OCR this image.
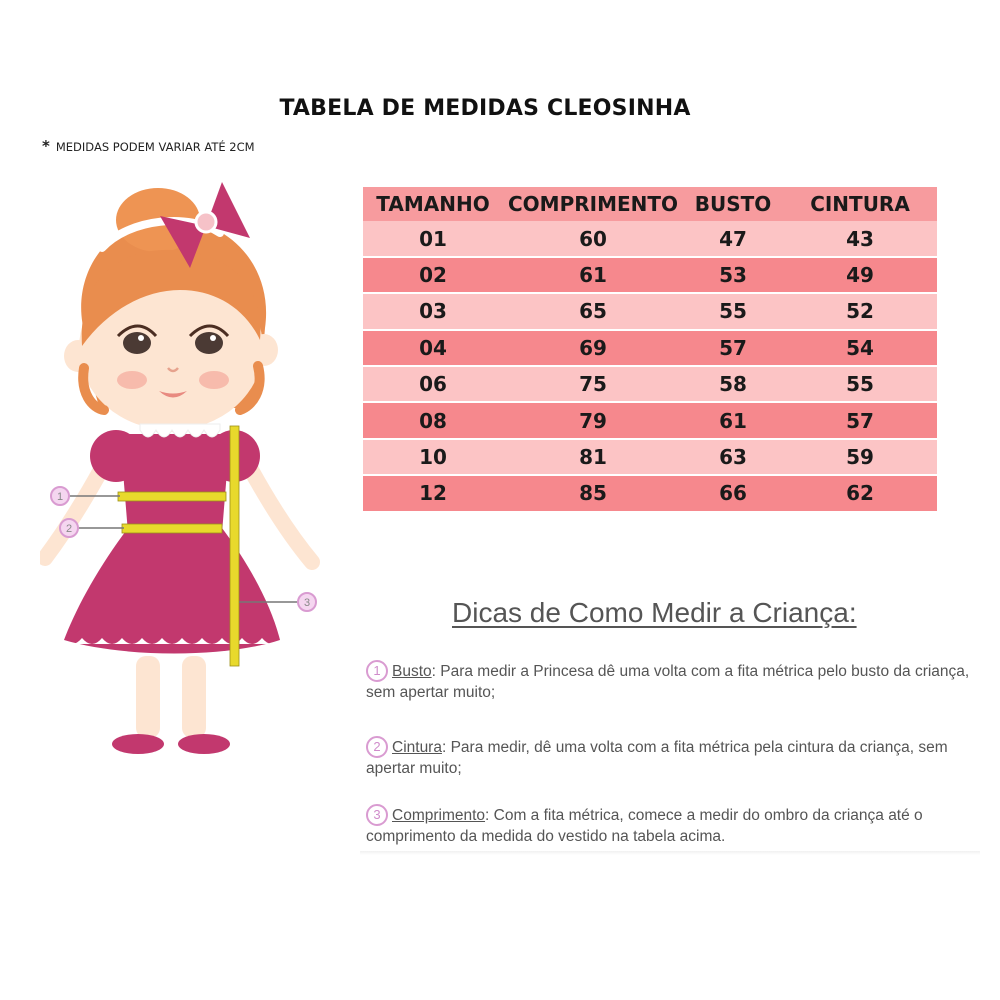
TABELA DE MEDIDAS CLEOSINHA
* MEDIDAS PODEM VARIAR ATÉ 2CM
TAMANHO	COMPRIMENTO	BUSTO	CINTURA
01	60	47	43
02	61	53	49
03	65	55	52
04	69	57	54
06	75	58	55
08	79	61	57
10	81	63	59
12	85	66	62
Dicas de Como Medir a Criança:
1 Busto: Para medir a Princesa dê uma volta com a fita métrica pelo busto da criança, sem apertar muito;
2 Cintura: Para medir, dê uma volta com a fita métrica pela cintura da criança, sem apertar muito;
3 Comprimento: Com a fita métrica, comece a medir do ombro da criança até o comprimento da medida do vestido na tabela acima.
1
2
3
